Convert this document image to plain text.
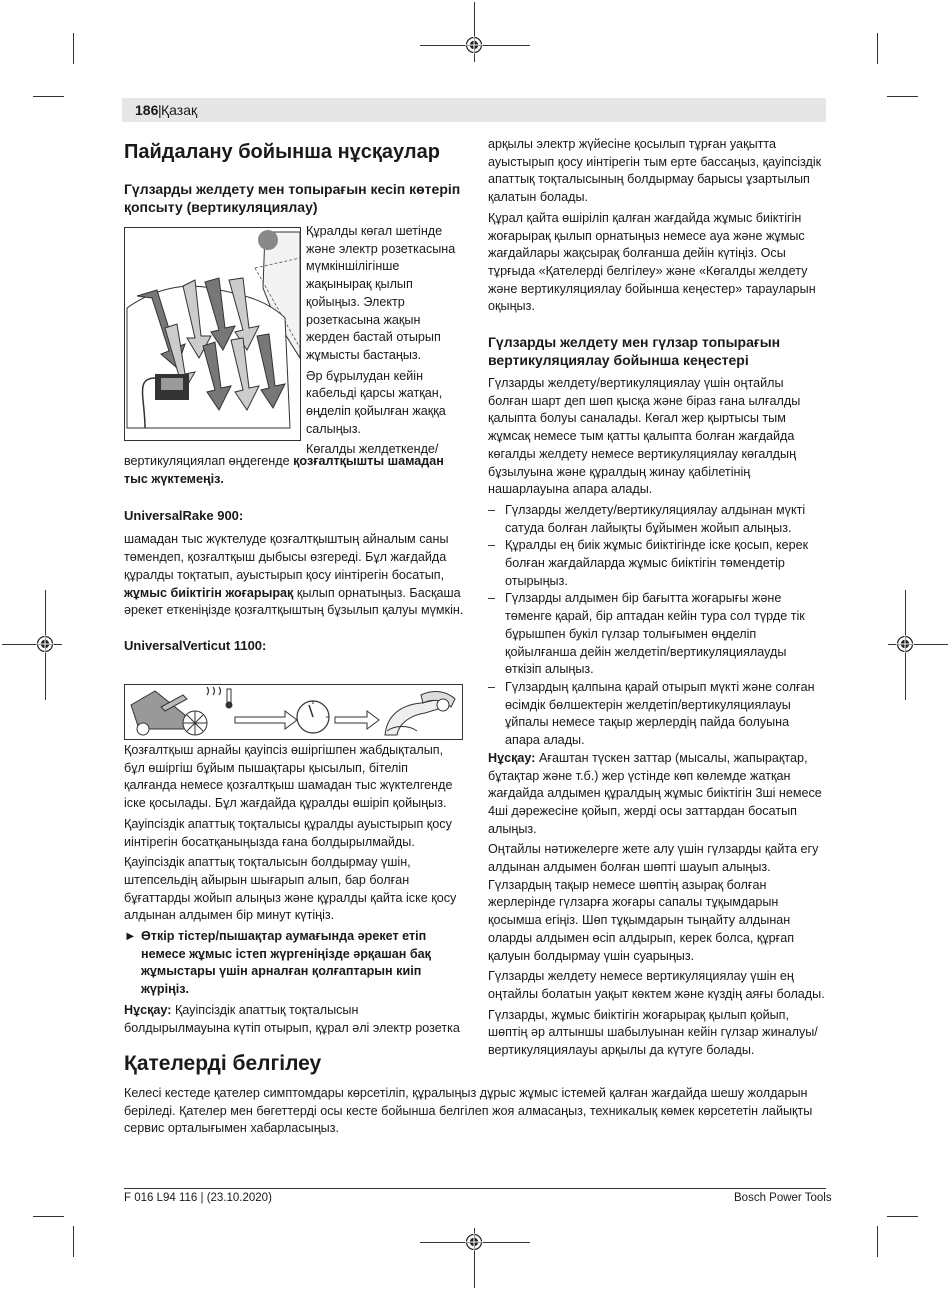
186 | Қазақ
Пайдалану бойынша нұсқаулар
Гүлзарды желдету мен топырағын кесіп көтеріп қопсыту (вертикуляциялау)

Құралды көгал шетінде және электр розеткасына мүмкіншілігінше жақынырақ қылып қойыңыз. Электр розеткасына жақын жерден бастай отырып жұмысты бастаңыз.

Әр бұрылудан кейін кабельді қарсы жатқан, өңделіп қойылған жаққа салыңыз.

Көгалды желдеткенде/

вертикуляциялап өңдегенде қозғалтқышты шамадан тыс жүктемеңіз.

UniversalRake 900:

шамадан тыс жүктелуде қозғалтқыштың айналым саны төмендеп, қозғалтқыш дыбысы өзгереді. Бұл жағдайда құралды тоқтатып, ауыстырып қосу иінтірегін босатып, жұмыс биіктігін жоғарырақ қылып орнатыңыз. Басқаша әрекет еткеніңізде қозғалтқыштың бұзылып қалуы мүмкін.

UniversalVerticut 1100:

Қозғалтқыш арнайы қауіпсіз өшіргішпен жабдықталып, бұл өшіргіш бұйым пышақтары қысылып, бітеліп қалғанда немесе қозғалтқыш шамадан тыс жүктелгенде іске қосылады. Бұл жағдайда құралды өшіріп қойыңыз.

Қауіпсіздік апаттық тоқталысы құралды ауыстырып қосу иінтірегін босатқаныңызда ғана болдырылмайды.

Қауіпсіздік апаттық тоқталысын болдырмау үшін, штепсельдің айырын шығарып алып, бар болған бұғаттарды жойып алыңыз және құралды қайта іске қосу алдынан алдымен бір минут күтіңіз.

► Өткір тістер/пышақтар аумағында әрекет етіп немесе жұмыс істеп жүргеніңізде әрқашан бақ жұмыстары үшін арналған қолғаптарын киіп жүріңіз.

Нұсқау: Қауіпсіздік апаттық тоқталысын болдырылмауына күтіп отырып, құрал әлі электр розетка

арқылы электр жүйесіне қосылып тұрған уақытта ауыстырып қосу иінтірегін тым ерте бассаңыз, қауіпсіздік апаттық тоқталысының болдырмау барысы ұзартылып қалатын болады.

Құрал қайта өшіріліп қалған жағдайда жұмыс биіктігін жоғарырақ қылып орнатыңыз немесе ауа және жұмыс жағдайлары жақсырақ болғанша дейін күтіңіз. Осы тұрғыда «Қателерді белгілеу» және «Көгалды желдету және вертикуляциялау бойынша кеңестер» тарауларын оқыңыз.

Гүлзарды желдету мен гүлзар топырағын вертикуляциялау бойынша кеңестері

Гүлзарды желдету/вертикуляциялау үшін оңтайлы болған шарт деп шөп қысқа және біраз ғана ылғалды қалыпта болуы саналады. Көгал жер қыртысы тым жұмсақ немесе тым қатты қалыпта болған жағдайда көгалды желдету немесе вертикуляциялау көгалдың бұзылуына және құралдың жинау қабілетінің нашарлауына апара алады.

– Гүлзарды желдету/вертикуляциялау алдынан мүкті сатуда болған лайықты бұйымен жойып алыңыз.
– Құралды ең биік жұмыс биіктігінде іске қосып, керек болған жағдайларда жұмыс биіктігін төмендетір отырыңыз.
– Гүлзарды алдымен бір бағытта жоғарығы және төменге қарай, бір аптадан кейін тура сол түрде тік бұрышпен букіл гүлзар толығымен өңделіп қойылғанша дейін желдетіп/вертикуляциялауды өткізіп алыңыз.
– Гүлзардың қалпына қарай отырып мүкті және солған өсімдік бөлшектерін желдетіп/вертикуляциялауы ұйпалы немесе тақыр жерлердің пайда болуына апара алады.

Нұсқау: Ағаштан түскен заттар (мысалы, жапырақтар, бұтақтар және т.б.) жер үстінде көп көлемде жатқан жағдайда алдымен құралдың жұмыс биіктігін 3ші немесе 4ші дәрежесіне қойып, жерді осы заттардан босатып алыңыз.

Оңтайлы нәтижелерге жете алу үшін гүлзарды қайта егу алдынан алдымен болған шөпті шауып алыңыз. Гүлзардың тақыр немесе шөптің азырақ болған жерлерінде гүлзарға жоғары сапалы тұқымдарын қосымша егіңіз. Шөп тұқымдарын тыңайту алдынан оларды алдымен өсіп алдырып, керек болса, құрғап қалуын болдырмау үшін суарыңыз.

Гүлзарды желдету немесе вертикуляциялау үшін ең оңтайлы болатын уақыт көктем және күздің аяғы болады.

Гүлзарды, жұмыс биіктігін жоғарырақ қылып қойып, шөптің әр алтыншы шабылуынан кейін гүлзар жиналуы/вертикуляциялауы арқылы да күтуге болады.

Қателерді белгілеу
Келесі кестеде қателер симптомдары көрсетіліп, құралыңыз дұрыс жұмыс істемей қалған жағдайда шешу жолдарын беріледі. Қателер мен бөгеттерді осы кесте бойынша белгілеп жоя алмасаңыз, техникалық көмек көрсететін лайықты сервис орталығымен хабарласыңыз.
F 016 L94 116 | (23.10.2020)	Bosch Power Tools
